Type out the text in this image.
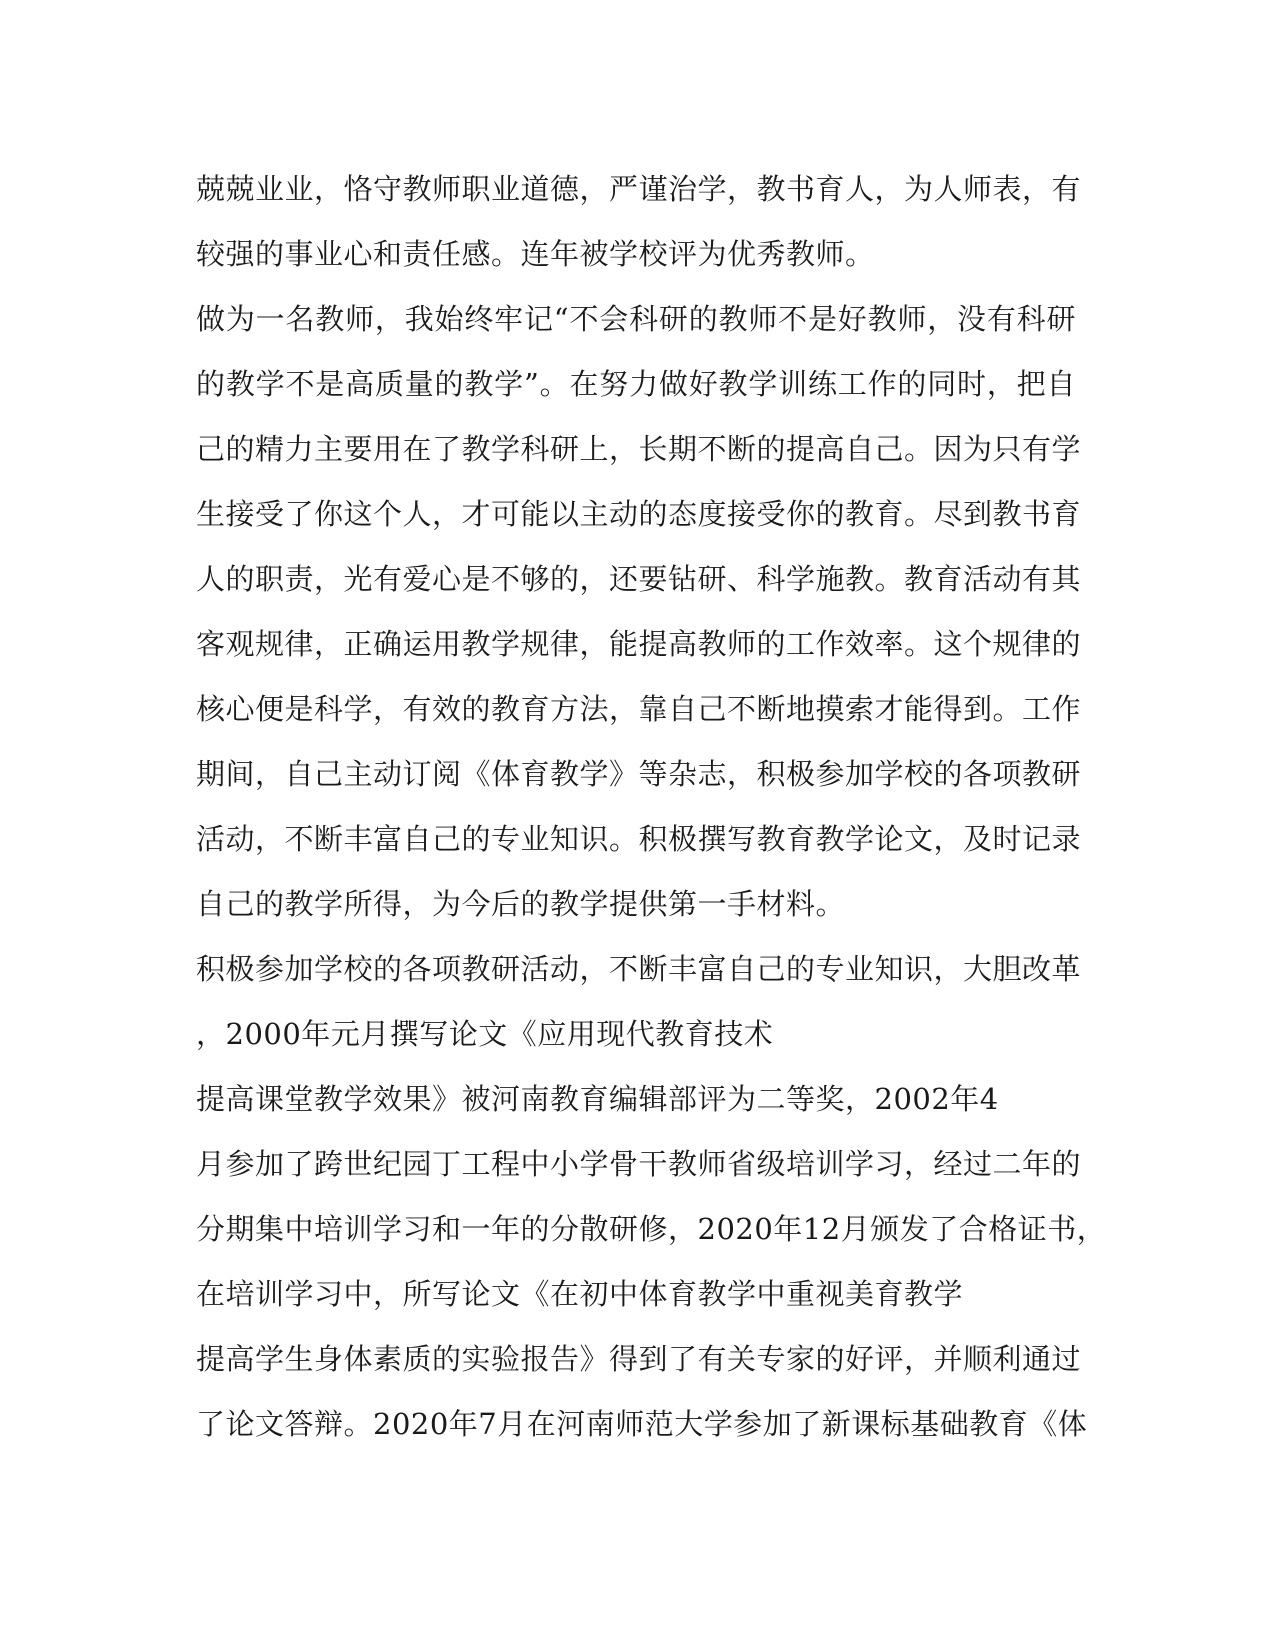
兢兢业业，恪守教师职业道德，严谨治学，教书育人，为人师表，有
较强的事业心和责任感。连年被学校评为优秀教师。
做为一名教师，我始终牢记“不会科研的教师不是好教师，没有科研
的教学不是高质量的教学”。在努力做好教学训练工作的同时，把自
己的精力主要用在了教学科研上，长期不断的提高自己。因为只有学
生接受了你这个人，才可能以主动的态度接受你的教育。尽到教书育
人的职责，光有爱心是不够的，还要钻研、科学施教。教育活动有其
客观规律，正确运用教学规律，能提高教师的工作效率。这个规律的
核心便是科学，有效的教育方法，靠自己不断地摸索才能得到。工作
期间，自己主动订阅《体育教学》等杂志，积极参加学校的各项教研
活动，不断丰富自己的专业知识。积极撰写教育教学论文，及时记录
自己的教学所得，为今后的教学提供第一手材料。
积极参加学校的各项教研活动，不断丰富自己的专业知识，大胆改革
，2000年元月撰写论文《应用现代教育技术
提高课堂教学效果》被河南教育编辑部评为二等奖，2002年4
月参加了跨世纪园丁工程中小学骨干教师省级培训学习，经过二年的
分期集中培训学习和一年的分散研修，2020年12月颁发了合格证书，
在培训学习中，所写论文《在初中体育教学中重视美育教学
提高学生身体素质的实验报告》得到了有关专家的好评，并顺利通过
了论文答辩。2020年7月在河南师范大学参加了新课标基础教育《体
